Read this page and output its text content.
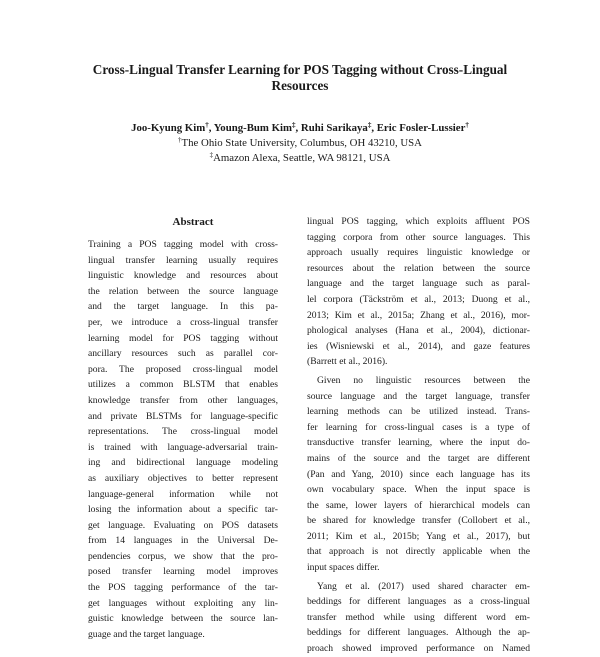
Cross-Lingual Transfer Learning for POS Tagging without Cross-Lingual
Resources
Joo-Kyung Kim†, Young-Bum Kim‡, Ruhi Sarikaya‡, Eric Fosler-Lussier†
†The Ohio State University, Columbus, OH 43210, USA
‡Amazon Alexa, Seattle, WA 98121, USA
Abstract
Training a POS tagging model with cross-
lingual transfer learning usually requires
linguistic knowledge and resources about
the relation between the source language
and the target language. In this pa-
per, we introduce a cross-lingual transfer
learning model for POS tagging without
ancillary resources such as parallel cor-
pora. The proposed cross-lingual model
utilizes a common BLSTM that enables
knowledge transfer from other languages,
and private BLSTMs for language-specific
representations. The cross-lingual model
is trained with language-adversarial train-
ing and bidirectional language modeling
as auxiliary objectives to better represent
language-general information while not
losing the information about a specific tar-
get language. Evaluating on POS datasets
from 14 languages in the Universal De-
pendencies corpus, we show that the pro-
posed transfer learning model improves
the POS tagging performance of the tar-
get languages without exploiting any lin-
guistic knowledge between the source lan-
guage and the target language.
lingual POS tagging, which exploits affluent POS
tagging corpora from other source languages. This
approach usually requires linguistic knowledge or
resources about the relation between the source
language and the target language such as paral-
lel corpora (Täckström et al., 2013; Duong et al.,
2013; Kim et al., 2015a; Zhang et al., 2016), mor-
phological analyses (Hana et al., 2004), dictionar-
ies (Wisniewski et al., 2014), and gaze features
(Barrett et al., 2016).
Given no linguistic resources between the
source language and the target language, transfer
learning methods can be utilized instead. Trans-
fer learning for cross-lingual cases is a type of
transductive transfer learning, where the input do-
mains of the source and the target are different
(Pan and Yang, 2010) since each language has its
own vocabulary space. When the input space is
the same, lower layers of hierarchical models can
be shared for knowledge transfer (Collobert et al.,
2011; Kim et al., 2015b; Yang et al., 2017), but
that approach is not directly applicable when the
input spaces differ.
Yang et al. (2017) used shared character em-
beddings for different languages as a cross-lingual
transfer method while using different word em-
beddings for different languages. Although the ap-
proach showed improved performance on Named
